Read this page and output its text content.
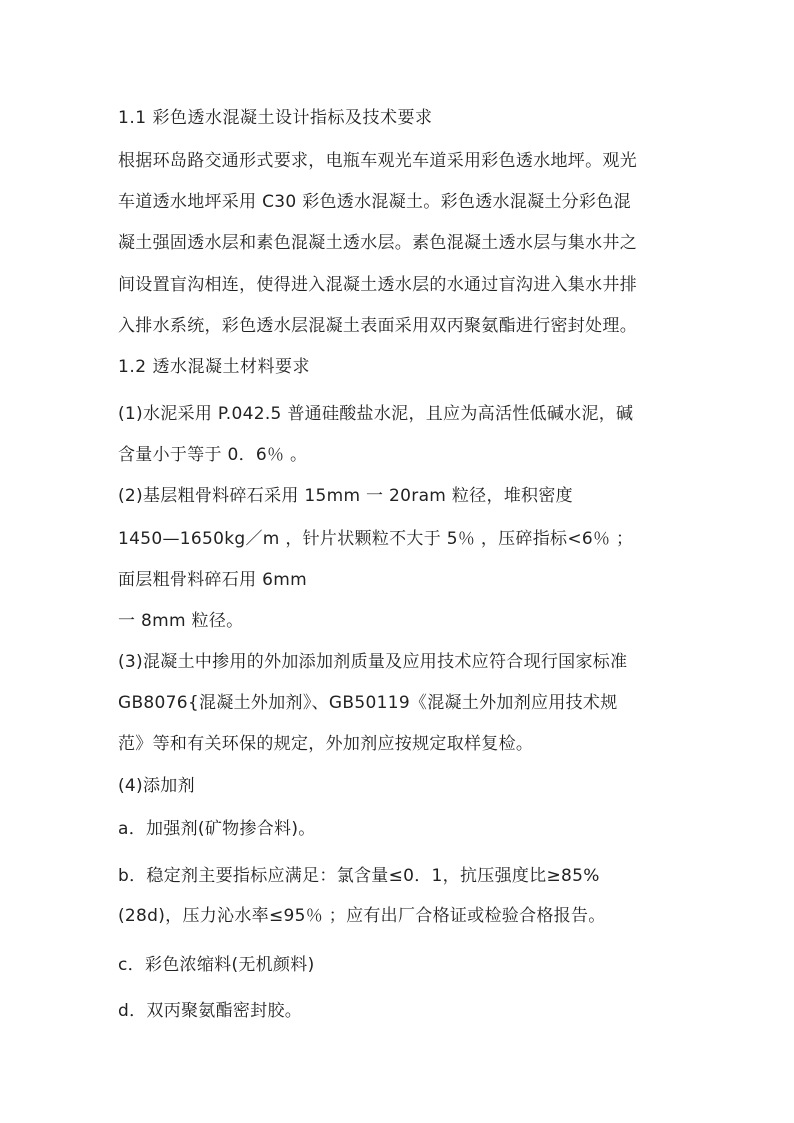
1.1 彩色透水混凝土设计指标及技术要求
根据环岛路交通形式要求，电瓶车观光车道采用彩色透水地坪。观光
车道透水地坪采用 C30 彩色透水混凝土。彩色透水混凝土分彩色混
凝土强固透水层和素色混凝土透水层。素色混凝土透水层与集水井之
间设置盲沟相连，使得进入混凝土透水层的水通过盲沟进入集水井排
入排水系统，彩色透水层混凝土表面采用双丙聚氨酯进行密封处理。
1.2 透水混凝土材料要求
(1)水泥采用 P.042.5 普通硅酸盐水泥，且应为高活性低碱水泥，碱
含量小于等于 0．6％ 。
(2)基层粗骨料碎石采用 15mm 一 20ram 粒径，堆积密度
1450—1650kg／m ，针片状颗粒不大于 5％ ，压碎指标<6％ ；
面层粗骨料碎石用 6mm
一 8mm 粒径。
(3)混凝土中掺用的外加添加剂质量及应用技术应符合现行国家标准
GB8076{混凝土外加剂》、GB50119《混凝土外加剂应用技术规
范》等和有关环保的规定，外加剂应按规定取样复检。
(4)添加剂
a．加强剂(矿物掺合料)。
b．稳定剂主要指标应满足：氯含量≤0．1，抗压强度比≥85%
(28d)，压力沁水率≤95％ ；应有出厂合格证或检验合格报告。
c．彩色浓缩料(无机颜料)
d．双丙聚氨酯密封胶。
